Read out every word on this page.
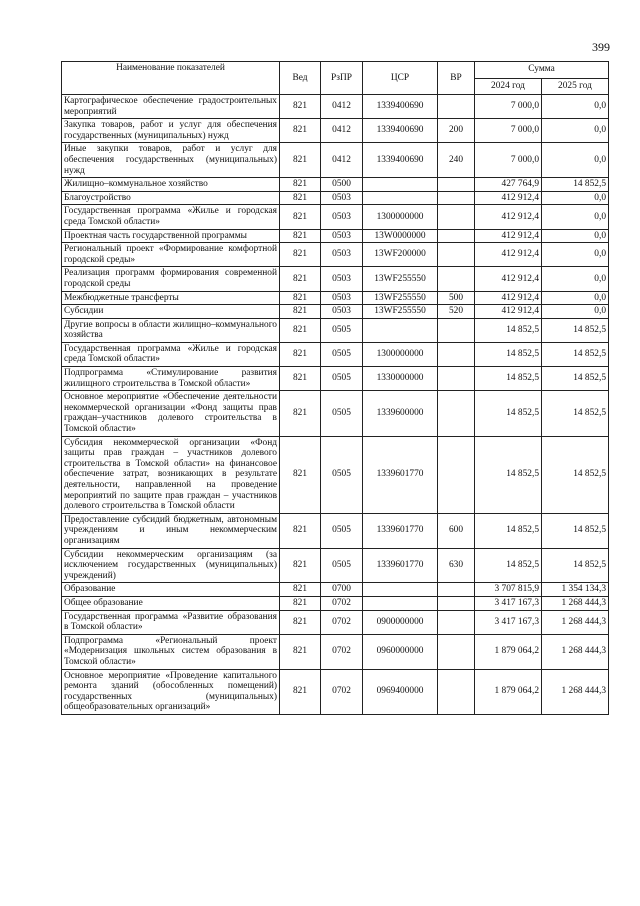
399
Наименование показателей	Вед	РзПР	ЦСР	ВР	Сумма	
					2024 год	2025 год
Картографическое обеспечение градостроительных мероприятий	821	0412	1339400690		7 000,0	0,0
Закупка товаров, работ и услуг для обеспечения государственных (муниципальных) нужд	821	0412	1339400690	200	7 000,0	0,0
Иные закупки товаров, работ и услуг для обеспечения государственных (муниципальных) нужд	821	0412	1339400690	240	7 000,0	0,0
Жилищно–коммунальное хозяйство	821	0500			427 764,9	14 852,5
Благоустройство	821	0503			412 912,4	0,0
Государственная программа «Жилье и городская среда Томской области»	821	0503	1300000000		412 912,4	0,0
Проектная часть государственной программы	821	0503	13W0000000		412 912,4	0,0
Региональный проект «Формирование комфортной городской среды»	821	0503	13WF200000		412 912,4	0,0
Реализация программ формирования современной городской среды	821	0503	13WF255550		412 912,4	0,0
Межбюджетные трансферты	821	0503	13WF255550	500	412 912,4	0,0
Субсидии	821	0503	13WF255550	520	412 912,4	0,0
Другие вопросы в области жилищно–коммунального хозяйства	821	0505			14 852,5	14 852,5
Государственная программа «Жилье и городская среда Томской области»	821	0505	1300000000		14 852,5	14 852,5
Подпрограмма «Стимулирование развития жилищного строительства в Томской области»	821	0505	1330000000		14 852,5	14 852,5
Основное мероприятие «Обеспечение деятельности некоммерческой организации «Фонд защиты прав граждан–участников долевого строительства в Томской области»	821	0505	1339600000		14 852,5	14 852,5
Субсидия некоммерческой организации «Фонд защиты прав граждан – участников долевого строительства в Томской области» на финансовое обеспечение затрат, возникающих в результате деятельности, направленной на проведение мероприятий по защите прав граждан – участников долевого строительства в Томской области	821	0505	1339601770		14 852,5	14 852,5
Предоставление субсидий бюджетным, автономным учреждениям и иным некоммерческим организациям	821	0505	1339601770	600	14 852,5	14 852,5
Субсидии некоммерческим организациям (за исключением государственных (муниципальных) учреждений)	821	0505	1339601770	630	14 852,5	14 852,5
Образование	821	0700			3 707 815,9	1 354 134,3
Общее образование	821	0702			3 417 167,3	1 268 444,3
Государственная программа «Развитие образования в Томской области»	821	0702	0900000000		3 417 167,3	1 268 444,3
Подпрограмма «Региональный проект «Модернизация школьных систем образования в Томской области»	821	0702	0960000000		1 879 064,2	1 268 444,3
Основное мероприятие «Проведение капитального ремонта зданий (обособленных помещений) государственных (муниципальных) общеобразовательных организаций»	821	0702	0969400000		1 879 064,2	1 268 444,3
